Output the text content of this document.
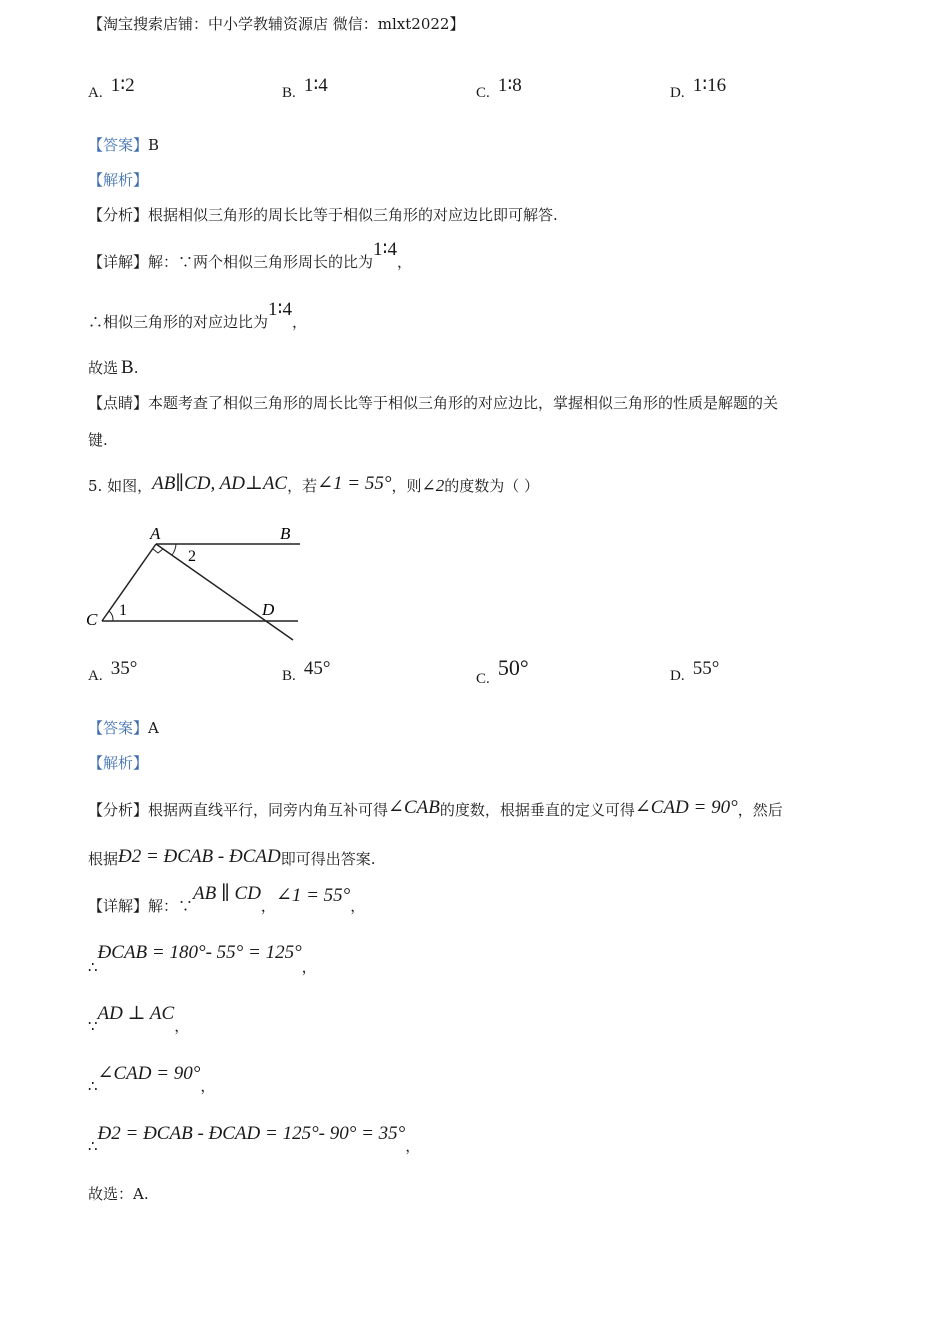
【淘宝搜索店铺：中小学教辅资源店 微信：mlxt2022】
A. 1∶2	B. 1∶4	C. 1∶8	D. 1∶16
【答案】B
【解析】
【分析】根据相似三角形的周长比等于相似三角形的对应边比即可解答.
【详解】解：∵两个相似三角形周长的比为1∶4，
∴相似三角形的对应边比为1∶4，
故选 B.
【点睛】本题考查了相似三角形的周长比等于相似三角形的对应边比，掌握相似三角形的性质是解题的关
键.
5. 如图，AB∥CD, AD⊥AC，若∠1 = 55°，则∠2的度数为（ ）
A	B
C
D
1
2
A. 35°	B. 45°	C. 50°	D. 55°
【答案】A
【解析】
【分析】根据两直线平行，同旁内角互补可得∠CAB的度数，根据垂直的定义可得∠CAD = 90°，然后
根据Ð2 = ÐCAB - ÐCAD即可得出答案.
【详解】解：∵AB ∥ CD，∠1 = 55°，
∴ÐCAB = 180°- 55° = 125°，
∵AD ⊥ AC，
∴∠CAD = 90°，
∴Ð2 = ÐCAB - ÐCAD = 125°- 90° = 35°，
故选：A.
